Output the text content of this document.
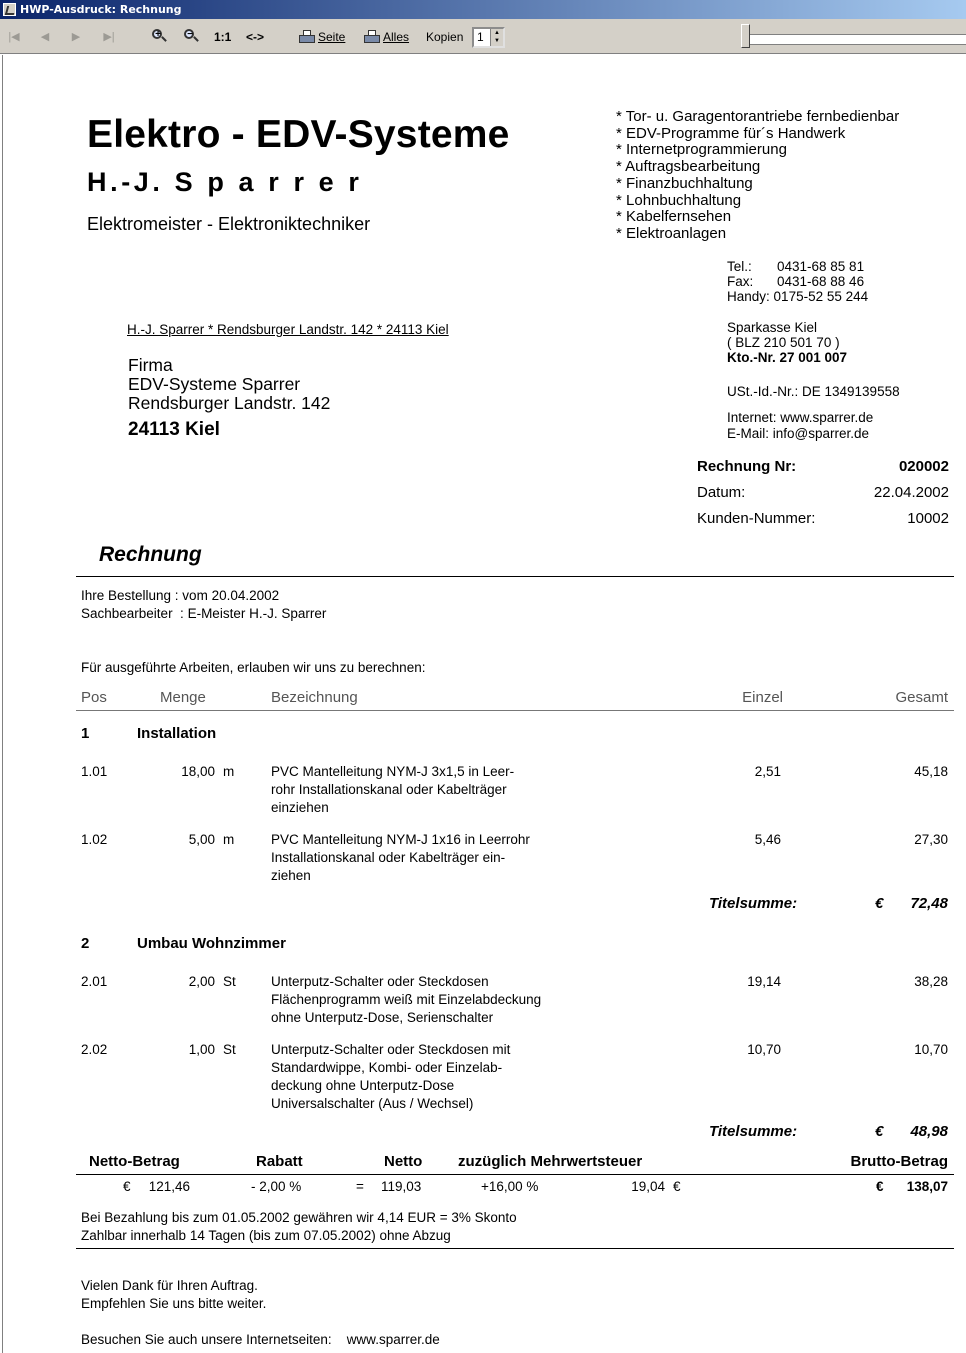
HWP-Ausdruck: Rechnung
|◀	◀	▶	▶|	+	− 1:1 <->	Seite	Alles Kopien	1	▲
▼
Elektro - EDV-Systeme
H.-J. S p a r r e r
Elektromeister - Elektroniktechniker
* Tor- u. Garagentorantriebe fernbedienbar
* EDV-Programme für´s Handwerk
* Internetprogrammierung
* Auftragsbearbeitung
* Finanzbuchhaltung
* Lohnbuchhaltung
* Kabelfernsehen
* Elektroanlagen
Tel.: 0431-68 85 81
Fax: 0431-68 88 46
Handy: 0175-52 55 244
H.-J. Sparrer * Rendsburger Landstr. 142 * 24113 Kiel
Firma
EDV-Systeme Sparrer
Rendsburger Landstr. 142
24113 Kiel
Sparkasse Kiel
( BLZ 210 501 70 )
Kto.-Nr. 27 001 007
USt.-Id.-Nr.: DE 1349139558
Internet: www.sparrer.de
E-Mail: info@sparrer.de
Rechnung Nr:	020002
Datum:	22.04.2002
Kunden-Nummer:	10002
Rechnung
Ihre Bestellung : vom 20.04.2002
Sachbearbeiter  : E-Meister H.-J. Sparrer
Für ausgeführte Arbeiten, erlauben wir uns zu berechnen:
Pos	Menge	Bezeichnung	Einzel	Gesamt
1	Installation
1.01	18,00 m	PVC Mantelleitung NYM-J 3x1,5 in Leer-
rohr Installationskanal oder Kabelträger
einziehen
2,51	45,18
1.02	5,00 m	PVC Mantelleitung NYM-J 1x16 in Leerrohr
Installationskanal oder Kabelträger ein-
ziehen
5,46	27,30
Titelsumme:	€	72,48
2	Umbau Wohnzimmer
2.01	2,00 St	Unterputz-Schalter oder Steckdosen
Flächenprogramm weiß mit Einzelabdeckung
ohne Unterputz-Dose, Serienschalter
19,14	38,28
2.02	1,00 St	Unterputz-Schalter oder Steckdosen mit
Standardwippe, Kombi- oder Einzelab-
deckung ohne Unterputz-Dose
Universalschalter (Aus / Wechsel)
10,70	10,70
Titelsumme:	€	48,98
Netto-Betrag	Rabatt	Netto zuzüglich Mehrwertsteuer	Brutto-Betrag
€	121,46	- 2,00 %	= 119,03	+16,00 %	19,04 €	€	138,07
Bei Bezahlung bis zum 01.05.2002 gewähren wir 4,14 EUR = 3% Skonto
Zahlbar innerhalb 14 Tagen (bis zum 07.05.2002) ohne Abzug
Vielen Dank für Ihren Auftrag.
Empfehlen Sie uns bitte weiter.
Besuchen Sie auch unsere Internetseiten: www.sparrer.de
